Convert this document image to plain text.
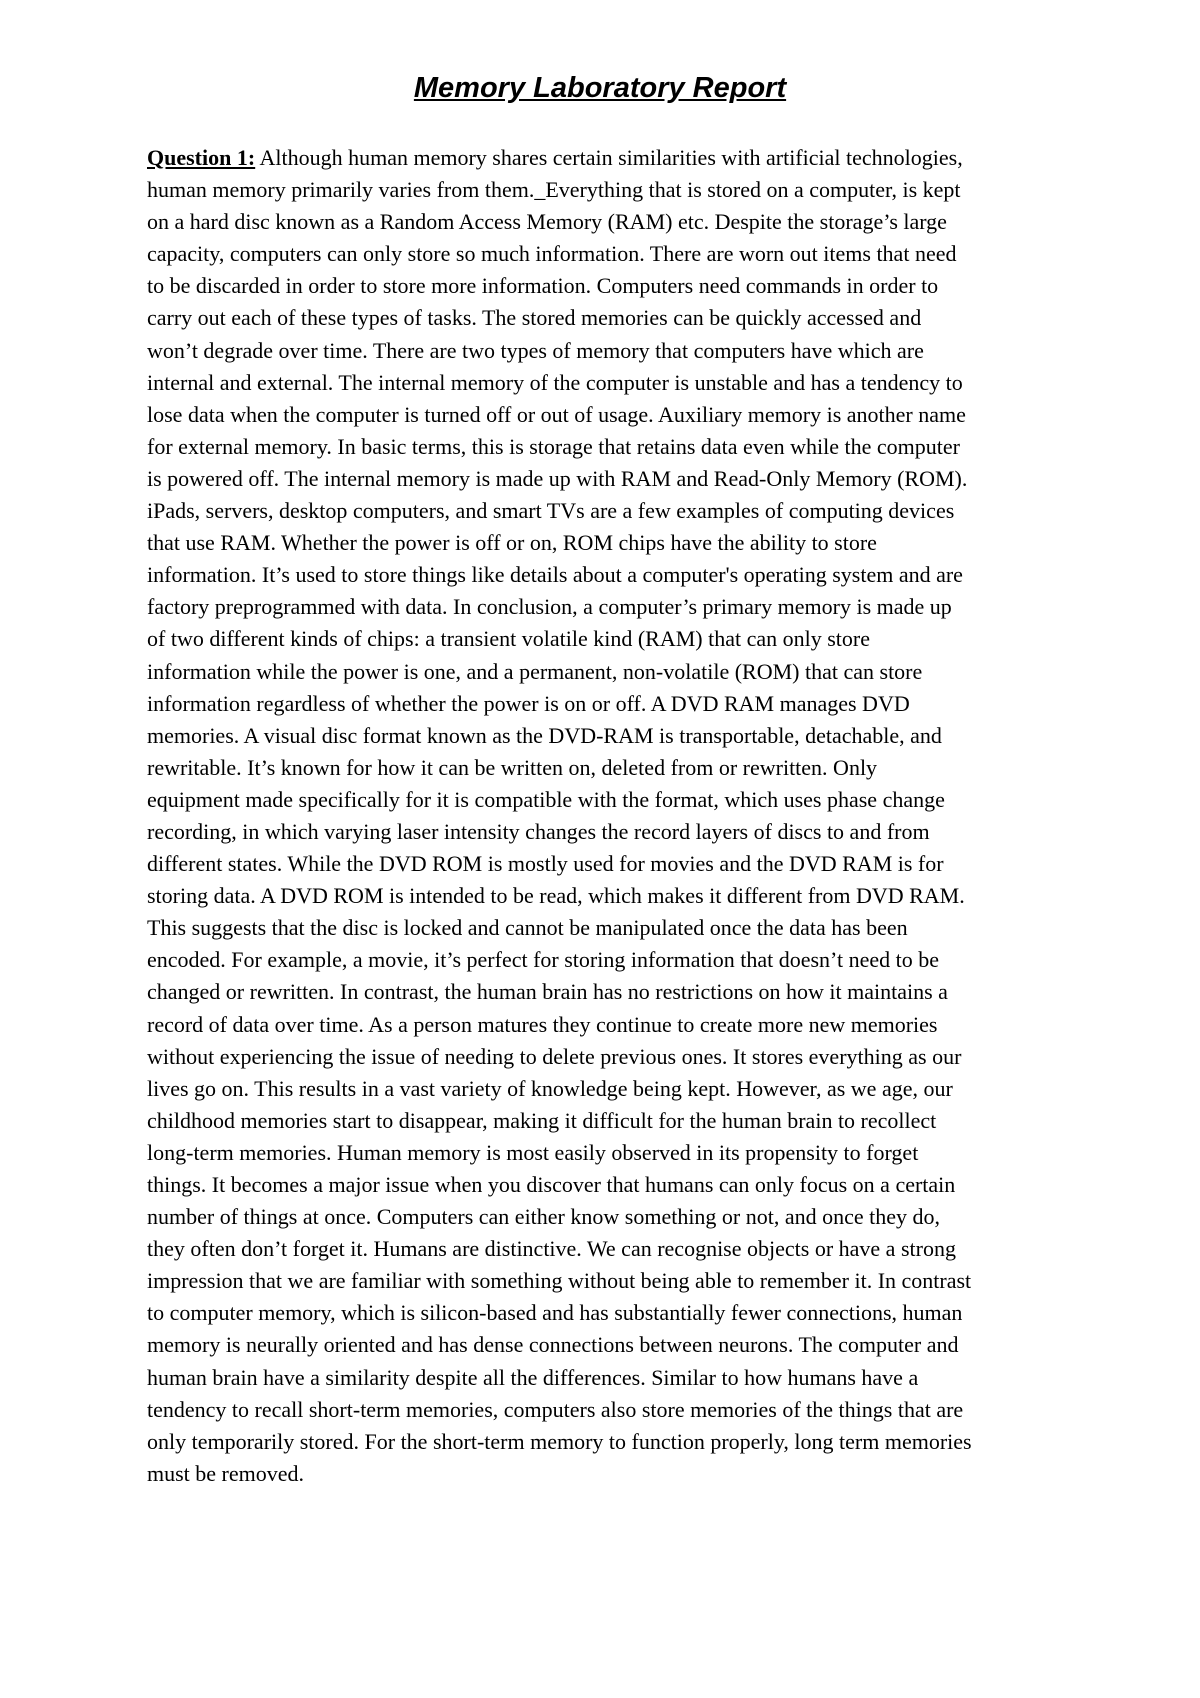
Memory Laboratory Report
Question 1: Although human memory shares certain similarities with artificial technologies,
human memory primarily varies from them._Everything that is stored on a computer, is kept
on a hard disc known as a Random Access Memory (RAM) etc. Despite the storage’s large
capacity, computers can only store so much information. There are worn out items that need
to be discarded in order to store more information. Computers need commands in order to
carry out each of these types of tasks. The stored memories can be quickly accessed and
won’t degrade over time. There are two types of memory that computers have which are
internal and external. The internal memory of the computer is unstable and has a tendency to
lose data when the computer is turned off or out of usage. Auxiliary memory is another name
for external memory. In basic terms, this is storage that retains data even while the computer
is powered off. The internal memory is made up with RAM and Read-Only Memory (ROM).
iPads, servers, desktop computers, and smart TVs are a few examples of computing devices
that use RAM. Whether the power is off or on, ROM chips have the ability to store
information. It’s used to store things like details about a computer's operating system and are
factory preprogrammed with data. In conclusion, a computer’s primary memory is made up
of two different kinds of chips: a transient volatile kind (RAM) that can only store
information while the power is one, and a permanent, non-volatile (ROM) that can store
information regardless of whether the power is on or off. A DVD RAM manages DVD
memories. A visual disc format known as the DVD-RAM is transportable, detachable, and
rewritable. It’s known for how it can be written on, deleted from or rewritten. Only
equipment made specifically for it is compatible with the format, which uses phase change
recording, in which varying laser intensity changes the record layers of discs to and from
different states. While the DVD ROM is mostly used for movies and the DVD RAM is for
storing data. A DVD ROM is intended to be read, which makes it different from DVD RAM.
This suggests that the disc is locked and cannot be manipulated once the data has been
encoded. For example, a movie, it’s perfect for storing information that doesn’t need to be
changed or rewritten. In contrast, the human brain has no restrictions on how it maintains a
record of data over time. As a person matures they continue to create more new memories
without experiencing the issue of needing to delete previous ones. It stores everything as our
lives go on. This results in a vast variety of knowledge being kept. However, as we age, our
childhood memories start to disappear, making it difficult for the human brain to recollect
long-term memories. Human memory is most easily observed in its propensity to forget
things. It becomes a major issue when you discover that humans can only focus on a certain
number of things at once. Computers can either know something or not, and once they do,
they often don’t forget it. Humans are distinctive. We can recognise objects or have a strong
impression that we are familiar with something without being able to remember it. In contrast
to computer memory, which is silicon-based and has substantially fewer connections, human
memory is neurally oriented and has dense connections between neurons. The computer and
human brain have a similarity despite all the differences. Similar to how humans have a
tendency to recall short-term memories, computers also store memories of the things that are
only temporarily stored. For the short-term memory to function properly, long term memories
must be removed.
